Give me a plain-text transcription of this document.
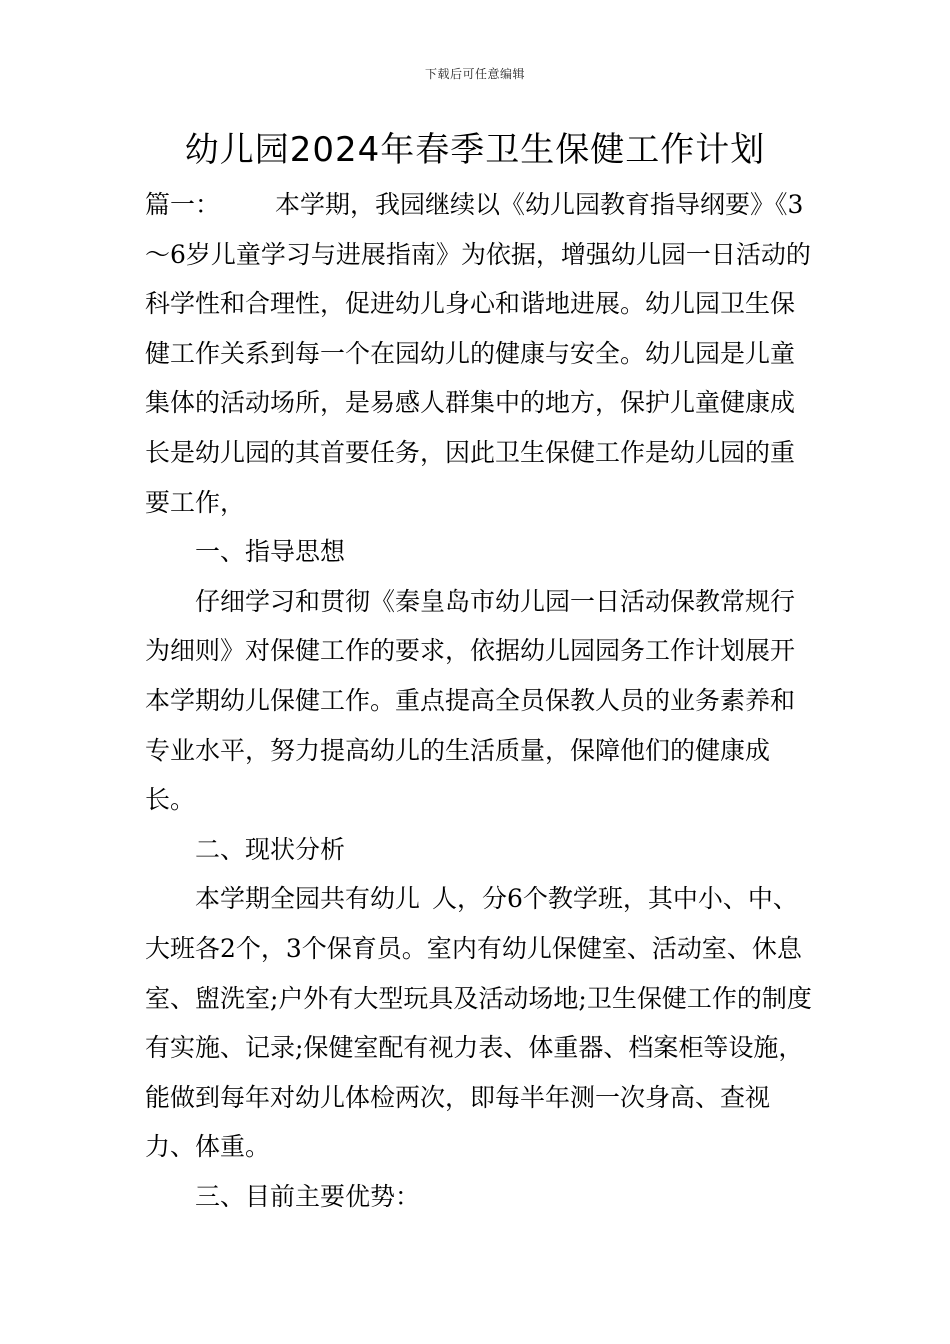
下载后可任意编辑
幼儿园2024年春季卫生保健工作计划

篇一： 本学期，我园继续以《幼儿园教育指导纲要》《3～6岁儿童学习与进展指南》为依据，增强幼儿园一日活动的科学性和合理性，促进幼儿身心和谐地进展。幼儿园卫生保健工作关系到每一个在园幼儿的健康与安全。幼儿园是儿童集体的活动场所，是易感人群集中的地方，保护儿童健康成长是幼儿园的其首要任务，因此卫生保健工作是幼儿园的重要工作，

一、指导思想

仔细学习和贯彻《秦皇岛市幼儿园一日活动保教常规行为细则》对保健工作的要求，依据幼儿园园务工作计划展开本学期幼儿保健工作。重点提高全员保教人员的业务素养和专业水平，努力提高幼儿的生活质量，保障他们的健康成长。

二、现状分析

本学期全园共有幼儿 人，分6个教学班，其中小、中、大班各2个，3个保育员。室内有幼儿保健室、活动室、休息室、盥洗室;户外有大型玩具及活动场地;卫生保健工作的制度有实施、记录;保健室配有视力表、体重器、档案柜等设施，能做到每年对幼儿体检两次，即每半年测一次身高、查视力、体重。

三、目前主要优势：
